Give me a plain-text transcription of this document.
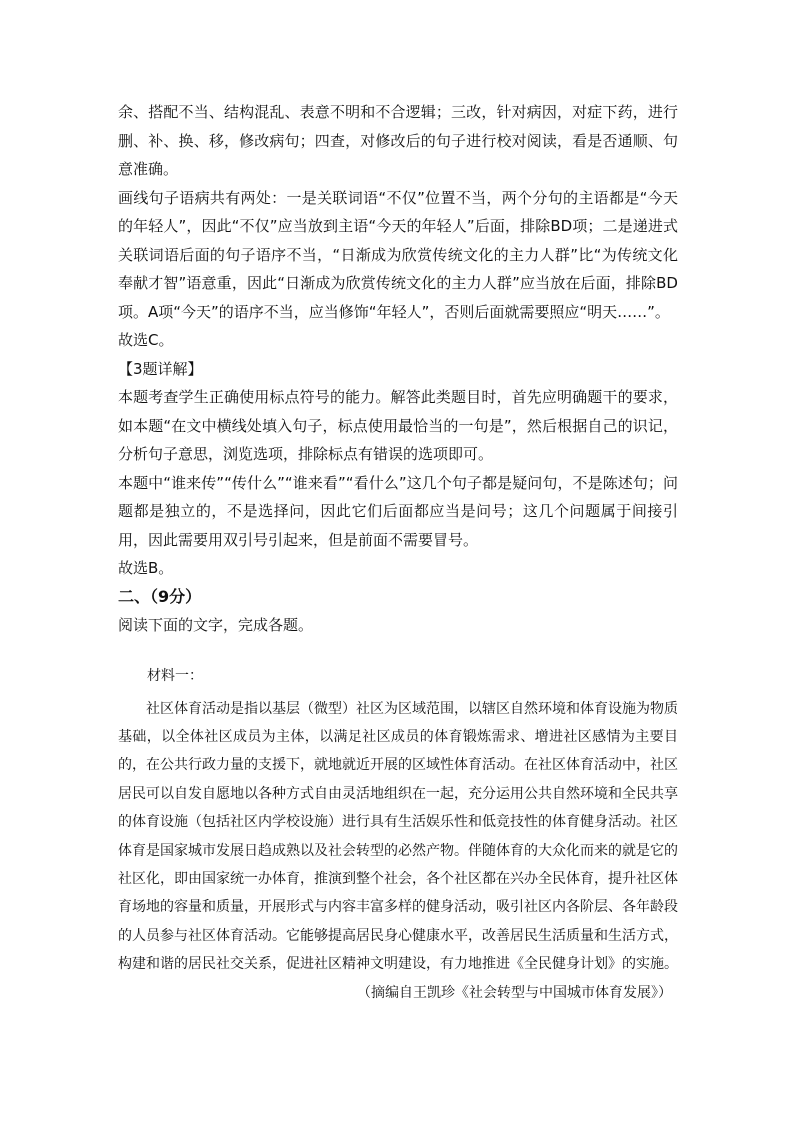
余、搭配不当、结构混乱、表意不明和不合逻辑；三改，针对病因，对症下药，进行删、补、换、移，修改病句；四查，对修改后的句子进行校对阅读，看是否通顺、句意准确。

画线句子语病共有两处：一是关联词语“不仅”位置不当，两个分句的主语都是“今天的年轻人”，因此“不仅”应当放到主语“今天的年轻人”后面，排除BD项；二是递进式关联词语后面的句子语序不当，“日渐成为欣赏传统文化的主力人群”比“为传统文化奉献才智”语意重，因此“日渐成为欣赏传统文化的主力人群”应当放在后面，排除BD项。A项“今天”的语序不当，应当修饰“年轻人”，否则后面就需要照应“明天……”。

故选C。

【3题详解】

本题考查学生正确使用标点符号的能力。解答此类题目时，首先应明确题干的要求，如本题“在文中横线处填入句子，标点使用最恰当的一句是”，然后根据自己的识记，分析句子意思，浏览选项，排除标点有错误的选项即可。

本题中“谁来传”“传什么”“谁来看”“看什么”这几个句子都是疑问句，不是陈述句；问题都是独立的，不是选择问，因此它们后面都应当是问号；这几个问题属于间接引用，因此需要用双引号引起来，但是前面不需要冒号。

故选B。

二、（9分）

阅读下面的文字，完成各题。

材料一：

社区体育活动是指以基层（微型）社区为区域范围，以辖区自然环境和体育设施为物质基础，以全体社区成员为主体，以满足社区成员的体育锻炼需求、增进社区感情为主要目的，在公共行政力量的支援下，就地就近开展的区域性体育活动。在社区体育活动中，社区居民可以自发自愿地以各种方式自由灵活地组织在一起，充分运用公共自然环境和全民共享的体育设施（包括社区内学校设施）进行具有生活娱乐性和低竞技性的体育健身活动。社区体育是国家城市发展日趋成熟以及社会转型的必然产物。伴随体育的大众化而来的就是它的社区化，即由国家统一办体育，推演到整个社会，各个社区都在兴办全民体育，提升社区体育场地的容量和质量，开展形式与内容丰富多样的健身活动，吸引社区内各阶层、各年龄段的人员参与社区体育活动。它能够提高居民身心健康水平，改善居民生活质量和生活方式，构建和谐的居民社交关系，促进社区精神文明建设，有力地推进《全民健身计划》的实施。

（摘编自王凯珍《社会转型与中国城市体育发展》）
